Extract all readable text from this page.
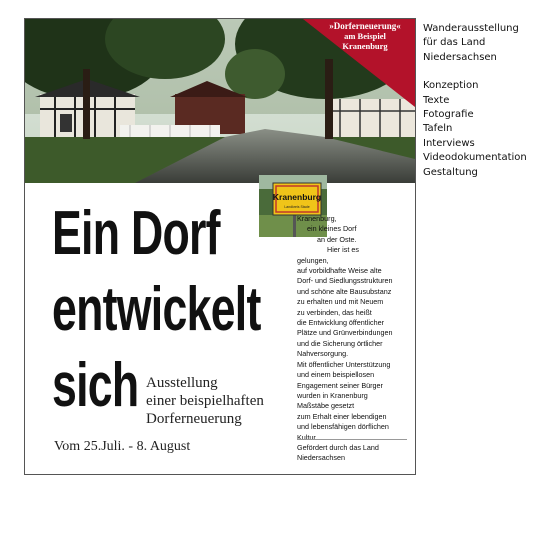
»Dorferneuerung«
am Beispiel
Kranenburg
Kranenburg
Landkreis Stade
Ein Dorf
entwickelt
sich Ausstellung
einer beispielhaften
Dorferneuerung
Vom 25.Juli. - 8. August
Kranenburg,
ein kleines Dorf
an der Oste.
Hier ist es
gelungen,
auf vorbildhafte Weise alte
Dorf- und Siedlungsstrukturen
und schöne alte Bausubstanz
zu erhalten und mit Neuem
zu verbinden, das heißt
die Entwicklung öffentlicher
Plätze und Grünverbindungen
und die Sicherung örtlicher
Nahversorgung.
Mit öffentlicher Unterstützung
und einem beispiellosen
Engagement seiner Bürger
wurden in Kranenburg
Maßstäbe gesetzt
zum Erhalt einer lebendigen
und lebensfähigen dörflichen
Kultur.
Gefördert durch das Land
Niedersachsen
Wanderausstellung
für das Land
Niedersachsen
Konzeption
Texte
Fotografie
Tafeln
Interviews
Videodokumentation
Gestaltung
